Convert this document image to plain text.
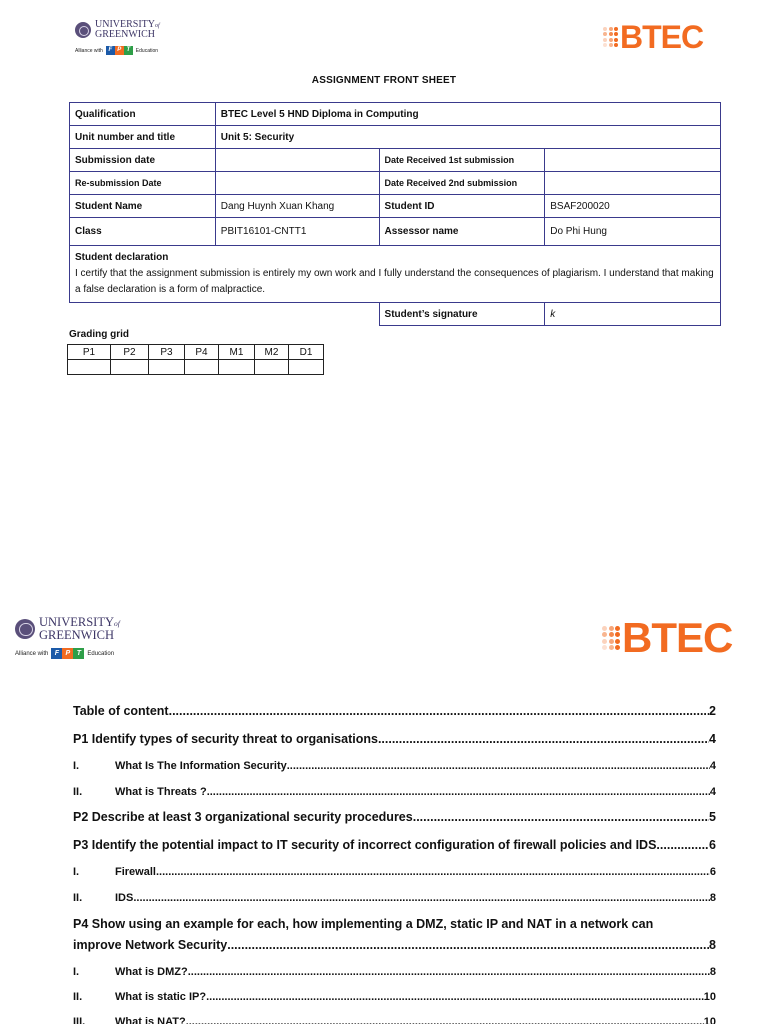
UNIVERSITYof
GREENWICH
Alliance with F P T	Education	BTEC
ASSIGNMENT FRONT SHEET
Qualification	BTEC Level 5 HND Diploma in Computing		
Unit number and title	Unit 5: Security		
Submission date		Date Received 1st submission	
Re-submission Date		Date Received 2nd submission	
Student Name	Dang Huynh Xuan Khang	Student ID	BSAF200020
Class	PBIT16101-CNTT1	Assessor name	Do Phi Hung

Student declaration
I certify that the assignment submission is entirely my own work and I fully understand the consequences of plagiarism. I understand that making a false declaration is a form of malpractice.			

		Student’s signature	k
Grading grid
P1	P2	P3	P4	M1	M2	D1

UNIVERSITYof
GREENWICH
Alliance with F P T	Education	BTEC
Table of content .....	2
P1 Identify types of security threat to organisations .....	4
I.	What Is The Information Security .....	4
II.	What is Threats ? .....	4
P2 Describe at least 3 organizational security procedures. .....	5
P3 Identify the potential impact to IT security of incorrect configuration of firewall policies and IDS .....	6
I.	Firewall .....	6
II.	IDS .....	8
P4 Show using an example for each, how implementing a DMZ, static IP and NAT in a network can
improve Network Security .....	8
I.	What is DMZ? .....	8
II.	What is static IP? .....	10
III.	What is NAT? .....	10
